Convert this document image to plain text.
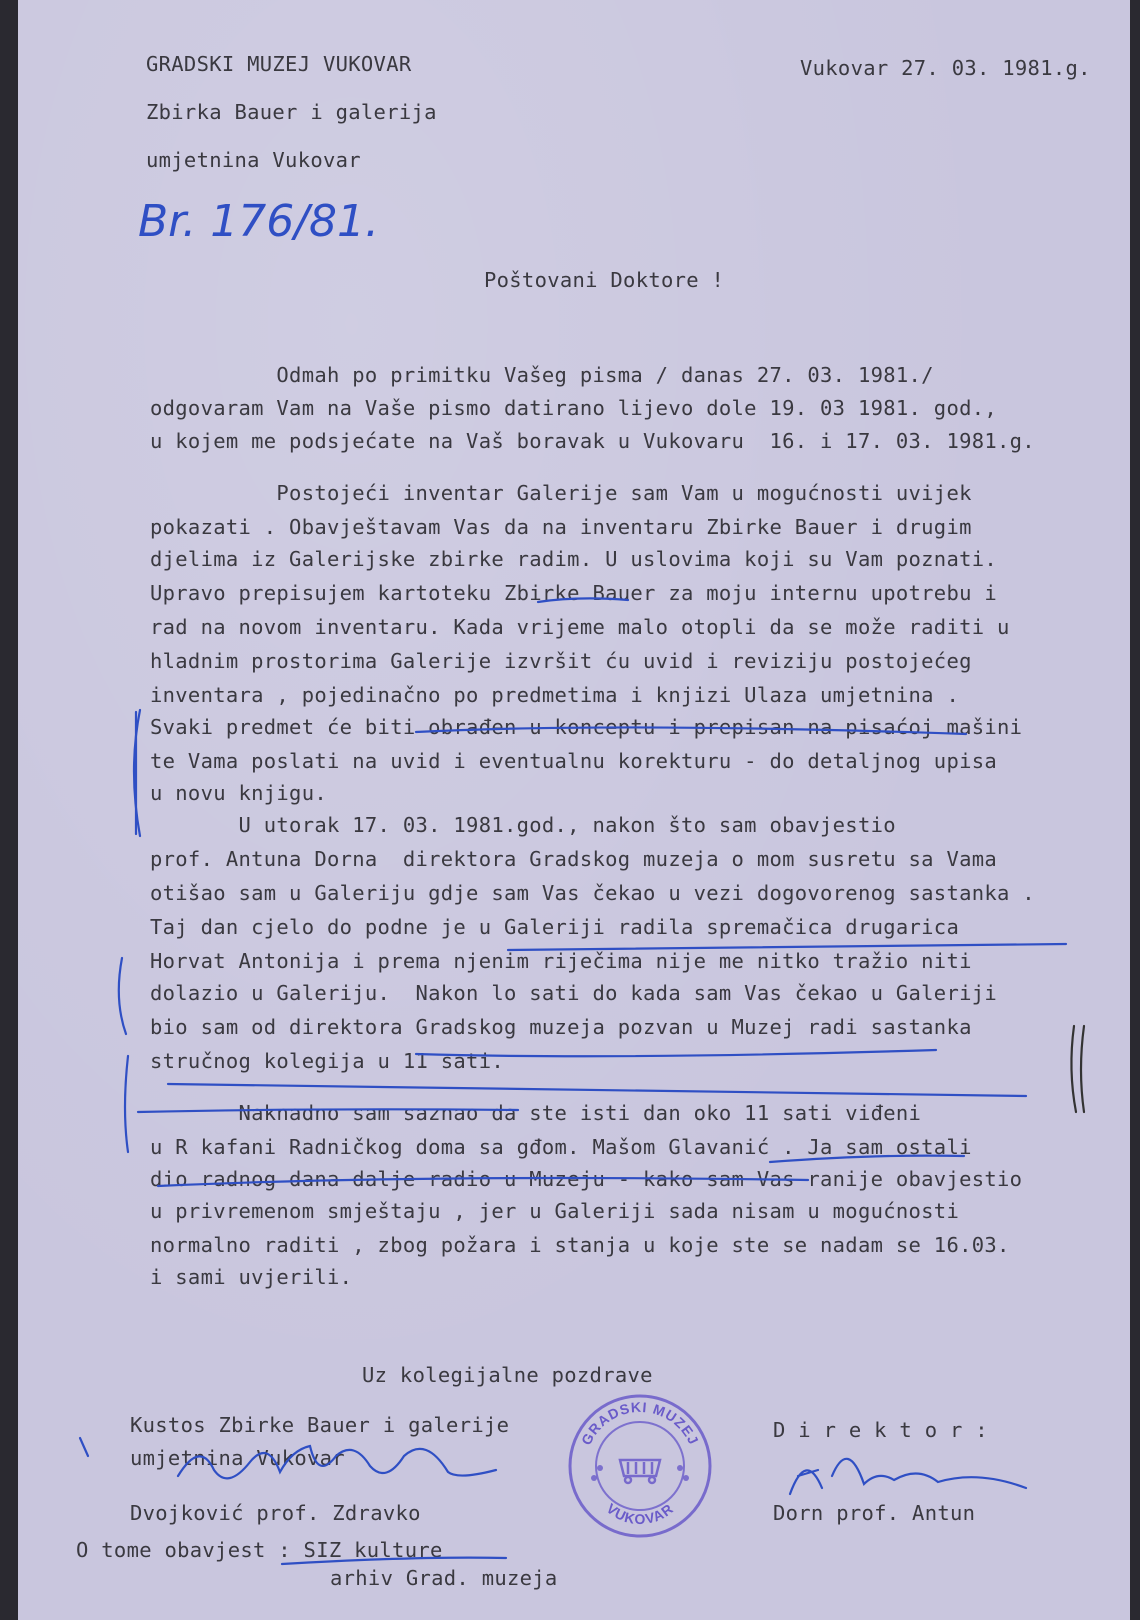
GRADSKI MUZEJ VUKOVAR
Zbirka Bauer i galerija
umjetnina Vukovar
Vukovar 27. 03. 1981.g.
Br. 176/81.
Poštovani Doktore !
Odmah po primitku Vašeg pisma / danas 27. 03. 1981./
odgovaram Vam na Vaše pismo datirano lijevo dole 19. 03 1981. god.,
u kojem me podsjećate na Vaš boravak u Vukovaru  16. i 17. 03. 1981.g.
Postojeći inventar Galerije sam Vam u mogućnosti uvijek
pokazati . Obavještavam Vas da na inventaru Zbirke Bauer i drugim
djelima iz Galerijske zbirke radim. U uslovima koji su Vam poznati.
Upravo prepisujem kartoteku Zbirke Bauer za moju internu upotrebu i
rad na novom inventaru. Kada vrijeme malo otopli da se može raditi u
hladnim prostorima Galerije izvršit ću uvid i reviziju postojećeg
inventara , pojedinačno po predmetima i knjizi Ulaza umjetnina .
Svaki predmet će biti obrađen u konceptu i prepisan na pisaćoj mašini
te Vama poslati na uvid i eventualnu korekturu - do detaljnog upisa
u novu knjigu.
U utorak 17. 03. 1981.god., nakon što sam obavjestio
prof. Antuna Dorna  direktora Gradskog muzeja o mom susretu sa Vama
otišao sam u Galeriju gdje sam Vas čekao u vezi dogovorenog sastanka .
Taj dan cjelo do podne je u Galeriji radila spremačica drugarica
Horvat Antonija i prema njenim riječima nije me nitko tražio niti
dolazio u Galeriju.  Nakon lo sati do kada sam Vas čekao u Galeriji
bio sam od direktora Gradskog muzeja pozvan u Muzej radi sastanka
stručnog kolegija u 11 sati.
Naknadno sam saznao da ste isti dan oko 11 sati viđeni
u R kafani Radničkog doma sa gđom. Mašom Glavanić . Ja sam ostali
dio radnog dana dalje radio u Muzeju - kako sam Vas ranije obavjestio
u privremenom smještaju , jer u Galeriji sada nisam u mogućnosti
normalno raditi , zbog požara i stanja u koje ste se nadam se 16.03.
i sami uvjerili.
Uz kolegijalne pozdrave
Kustos Zbirke Bauer i galerije
umjetnina Vukovar
Dvojković prof. Zdravko
D i r e k t o r :
Dorn prof. Antun
O tome obavjest : SIZ kulture
arhiv Grad. muzeja
GRADSKI MUZEJ
VUKOVAR
